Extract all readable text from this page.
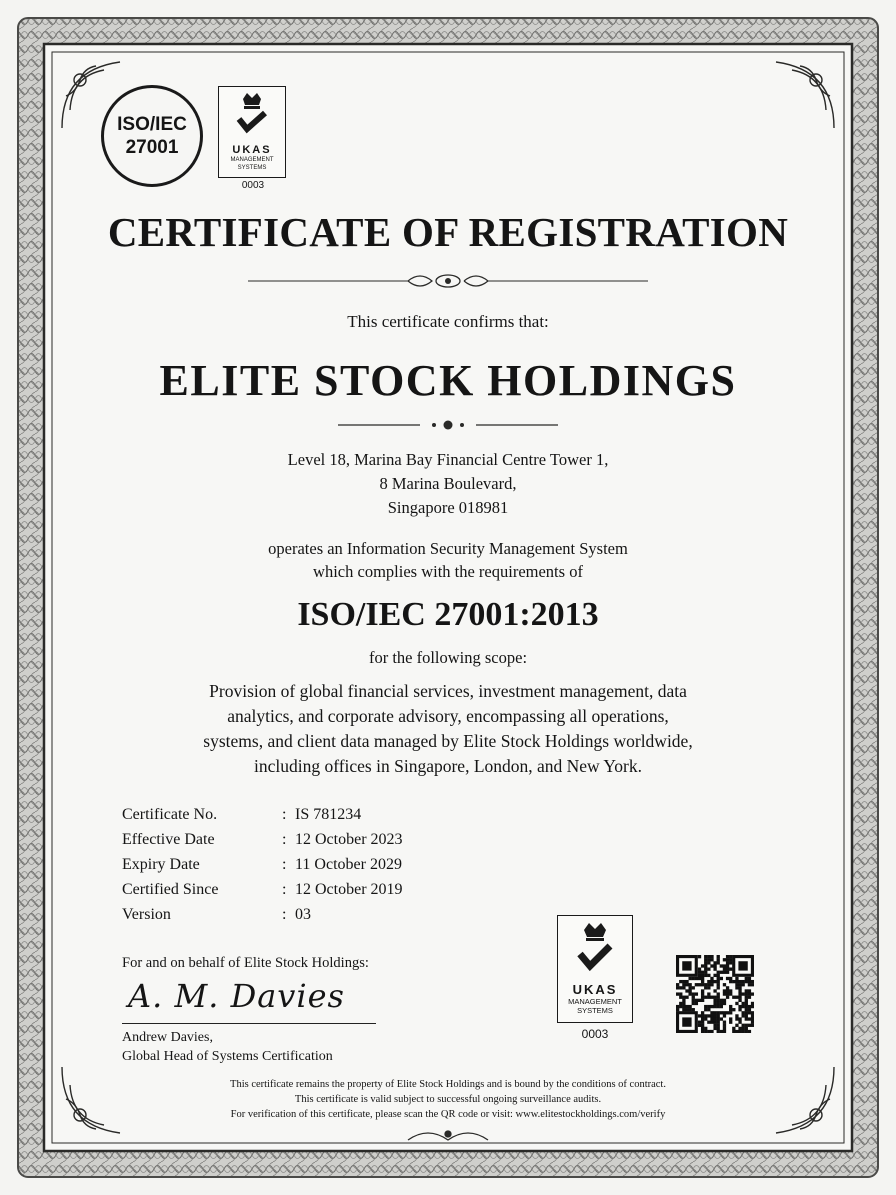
ISO/IEC
27001	UKAS
MANAGEMENT
SYSTEMS
0003
CERTIFICATE OF REGISTRATION
This certificate confirms that:
ELITE STOCK HOLDINGS
Level 18, Marina Bay Financial Centre Tower 1,
8 Marina Boulevard,
Singapore 018981
operates an Information Security Management System
which complies with the requirements of
ISO/IEC 27001:2013
for the following scope:
Provision of global financial services, investment management, data
analytics, and corporate advisory, encompassing all operations,
systems, and client data managed by Elite Stock Holdings worldwide,
including offices in Singapore, London, and New York.
Certificate No.	: IS 781234
Effective Date	: 12 October 2023
Expiry Date	: 11 October 2029
Certified Since	: 12 October 2019
Version	: 03
For and on behalf of Elite Stock Holdings:
A. M. Davies
Andrew Davies,
Global Head of Systems Certification
UKAS
MANAGEMENT
SYSTEMS
0003
This certificate remains the property of Elite Stock Holdings and is bound by the conditions of contract.
This certificate is valid subject to successful ongoing surveillance audits.
For verification of this certificate, please scan the QR code or visit: www.elitestockholdings.com/verify
